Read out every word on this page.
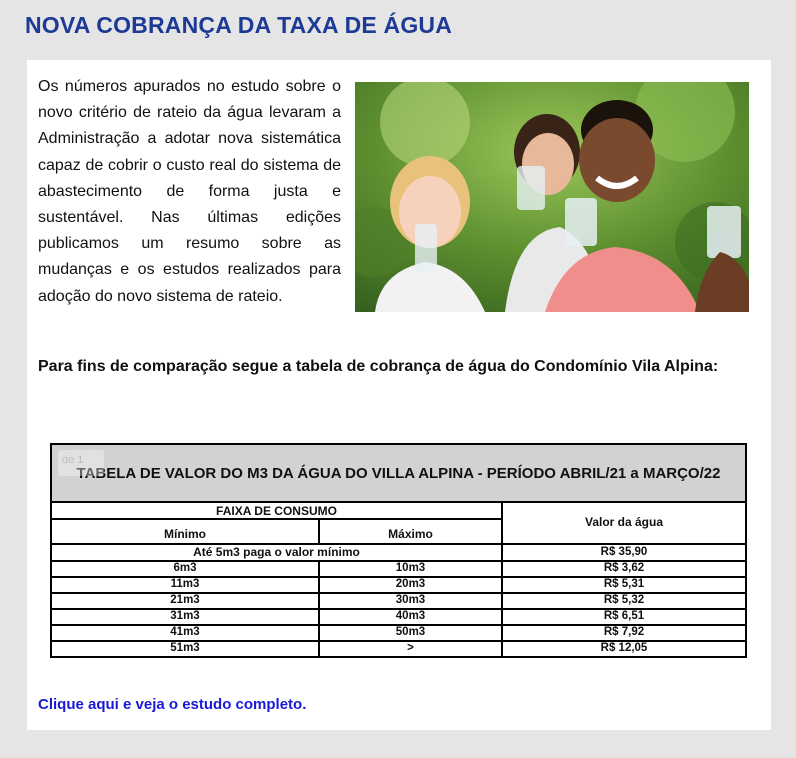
NOVA COBRANÇA DA TAXA DE ÁGUA

Os números apurados no estudo sobre o novo critério de rateio da água levaram a Administração a adotar nova sistemática capaz de cobrir o custo real do sistema de abastecimento de forma justa e sustentável. Nas últimas edições publicamos um resumo sobre as mudanças e os estudos realizados para adoção do novo sistema de rateio.

Para fins de comparação segue a tabela de cobrança de água do Condomínio Vila Alpina:

TABELA DE VALOR DO M3 DA ÁGUA DO VILLA ALPINA - PERÍODO ABRIL/21 a MARÇO/22
de 1
FAIXA DE CONSUMO
Mínimo	Máximo
Valor da água
Até 5m3 paga o valor mínimo	R$ 35,90
6m3	10m3	R$ 3,62
11m3	20m3	R$ 5,31
21m3	30m3	R$ 5,32
31m3	40m3	R$ 6,51
41m3	50m3	R$ 7,92
51m3	>	R$ 12,05
Clique aqui e veja o estudo completo.
